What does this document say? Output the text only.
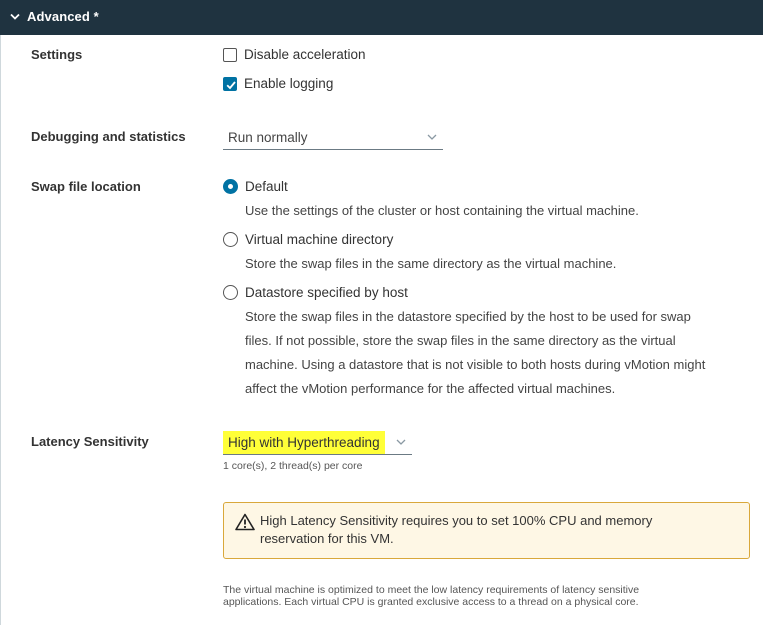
Advanced *
Settings	Disable acceleration
Enable logging
Debugging and statistics	Run normally
Swap file location	Default
Use the settings of the cluster or host containing the virtual machine.
Virtual machine directory
Store the swap files in the same directory as the virtual machine.
Datastore specified by host
Store the swap files in the datastore specified by the host to be used for swap
files. If not possible, store the swap files in the same directory as the virtual
machine. Using a datastore that is not visible to both hosts during vMotion might
affect the vMotion performance for the affected virtual machines.
Latency Sensitivity	High with Hyperthreading
1 core(s), 2 thread(s) per core
High Latency Sensitivity requires you to set 100% CPU and memory
reservation for this VM.
The virtual machine is optimized to meet the low latency requirements of latency sensitive
applications. Each virtual CPU is granted exclusive access to a thread on a physical core.
